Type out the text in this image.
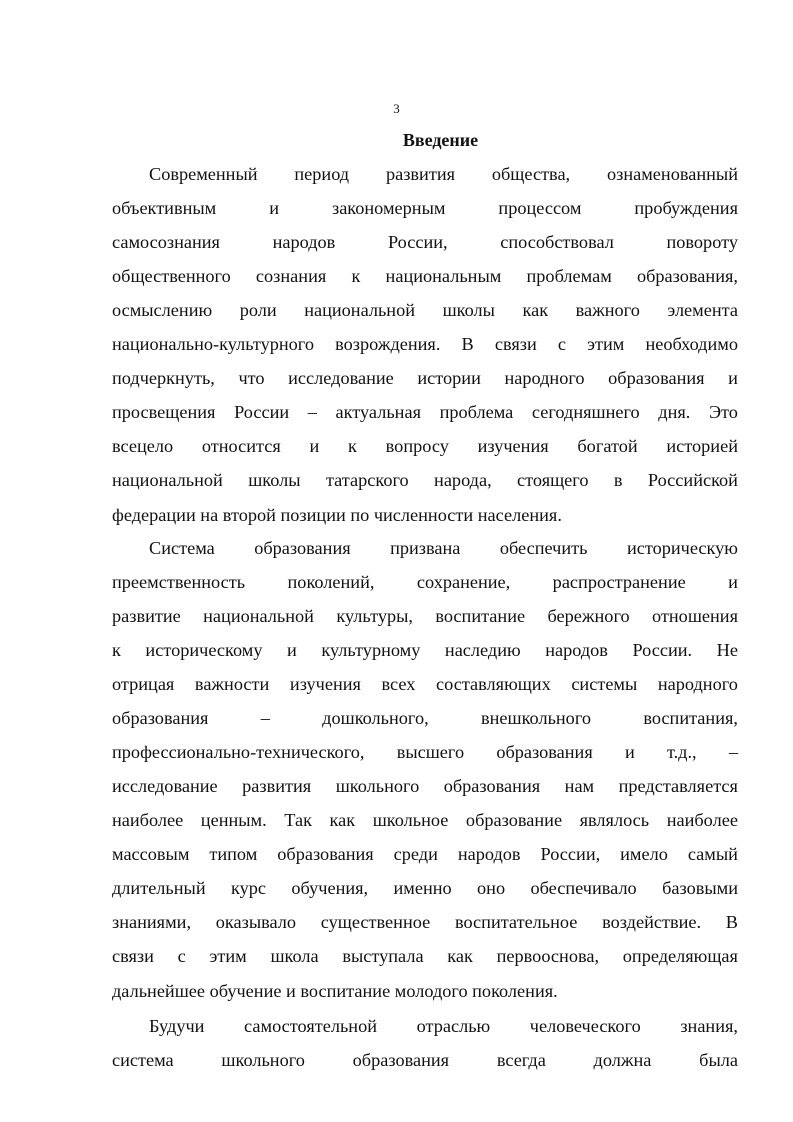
3
Введение
Современный период развития общества, ознаменованный
объективным	и	закономерным	процессом	пробуждения
самосознания	народов	России,	способствовал	повороту
общественного сознания к национальным проблемам образования,
осмыслению роли национальной школы как важного элемента
национально-культурного возрождения. В связи с этим необходимо
подчеркнуть, что исследование истории народного образования и
просвещения России – актуальная проблема сегодняшнего дня. Это
всецело относится и к вопросу изучения богатой историей
национальной школы татарского народа, стоящего в Российской
федерации на второй позиции по численности населения.
Система образования призвана обеспечить историческую
преемственность поколений, сохранение, распространение и
развитие национальной культуры, воспитание бережного отношения
к историческому и культурному наследию народов России. Не
отрицая важности изучения всех составляющих системы народного
образования	–	дошкольного,	внешкольного	воспитания,
профессионально-технического, высшего образования и т.д., –
исследование развития школьного образования нам представляется
наиболее ценным. Так как школьное образование являлось наиболее
массовым типом образования среди народов России, имело самый
длительный курс обучения, именно оно обеспечивало базовыми
знаниями, оказывало существенное воспитательное воздействие. В
связи с этим школа выступала как первооснова, определяющая
дальнейшее обучение и воспитание молодого поколения.
Будучи самостоятельной отраслью человеческого знания,
система	школьного	образования	всегда	должна	была
